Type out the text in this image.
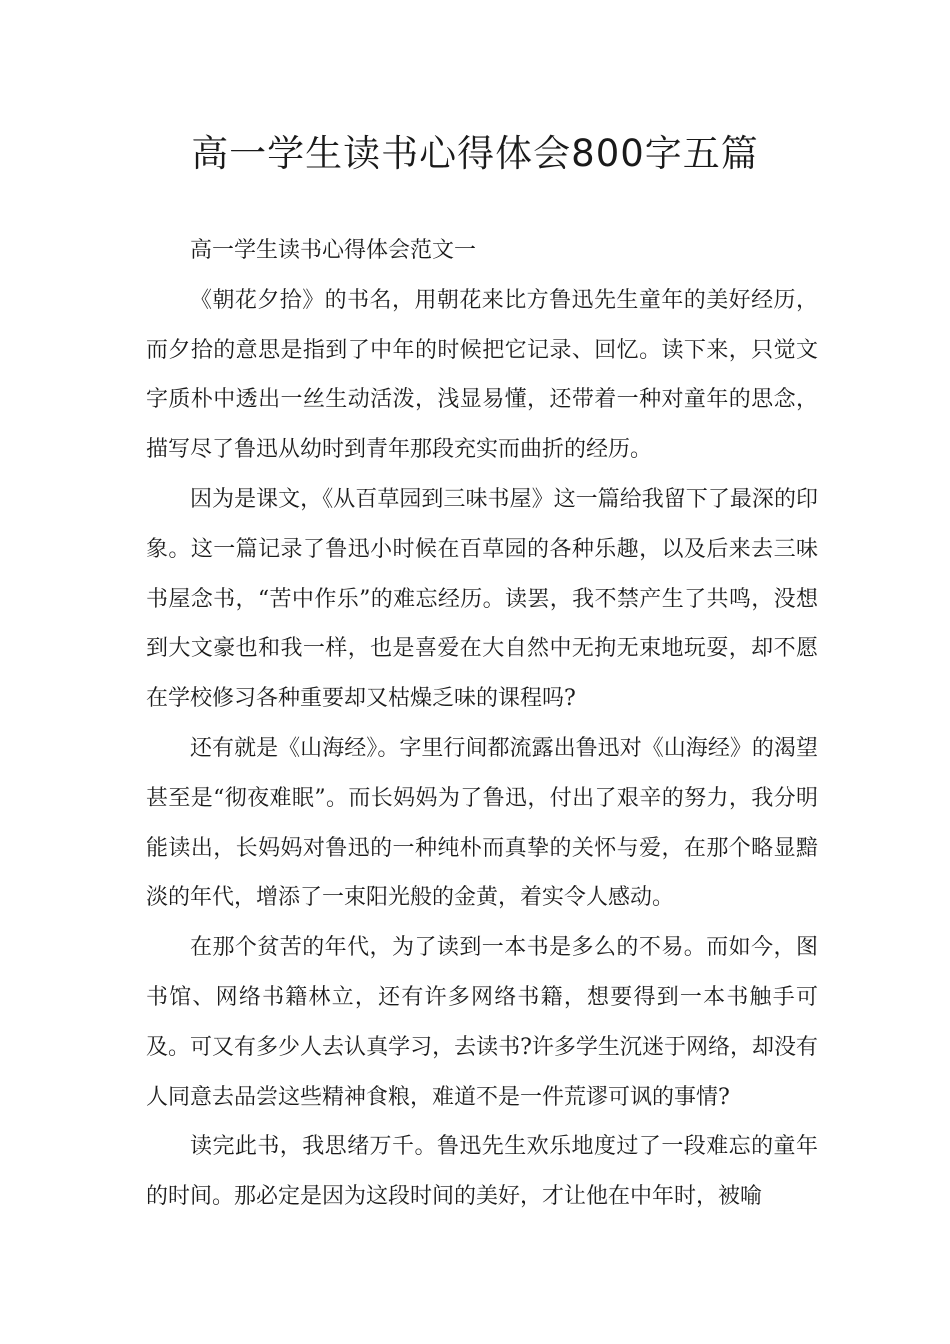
高一学生读书心得体会800字五篇

高一学生读书心得体会范文一

《朝花夕拾》的书名，用朝花来比方鲁迅先生童年的美好经历，而夕拾的意思是指到了中年的时候把它记录、回忆。读下来，只觉文字质朴中透出一丝生动活泼，浅显易懂，还带着一种对童年的思念，描写尽了鲁迅从幼时到青年那段充实而曲折的经历。

因为是课文，《从百草园到三味书屋》这一篇给我留下了最深的印象。这一篇记录了鲁迅小时候在百草园的各种乐趣，以及后来去三味书屋念书，“苦中作乐”的难忘经历。读罢，我不禁产生了共鸣，没想到大文豪也和我一样，也是喜爱在大自然中无拘无束地玩耍，却不愿在学校修习各种重要却又枯燥乏味的课程吗?

还有就是《山海经》。字里行间都流露出鲁迅对《山海经》的渴望甚至是“彻夜难眠”。而长妈妈为了鲁迅，付出了艰辛的努力，我分明能读出，长妈妈对鲁迅的一种纯朴而真挚的关怀与爱，在那个略显黯淡的年代，增添了一束阳光般的金黄，着实令人感动。

在那个贫苦的年代，为了读到一本书是多么的不易。而如今，图书馆、网络书籍林立，还有许多网络书籍，想要得到一本书触手可及。可又有多少人去认真学习，去读书?许多学生沉迷于网络，却没有人同意去品尝这些精神食粮，难道不是一件荒谬可讽的事情?

读完此书，我思绪万千。鲁迅先生欢乐地度过了一段难忘的童年的时间。那必定是因为这段时间的美好，才让他在中年时，被喻
